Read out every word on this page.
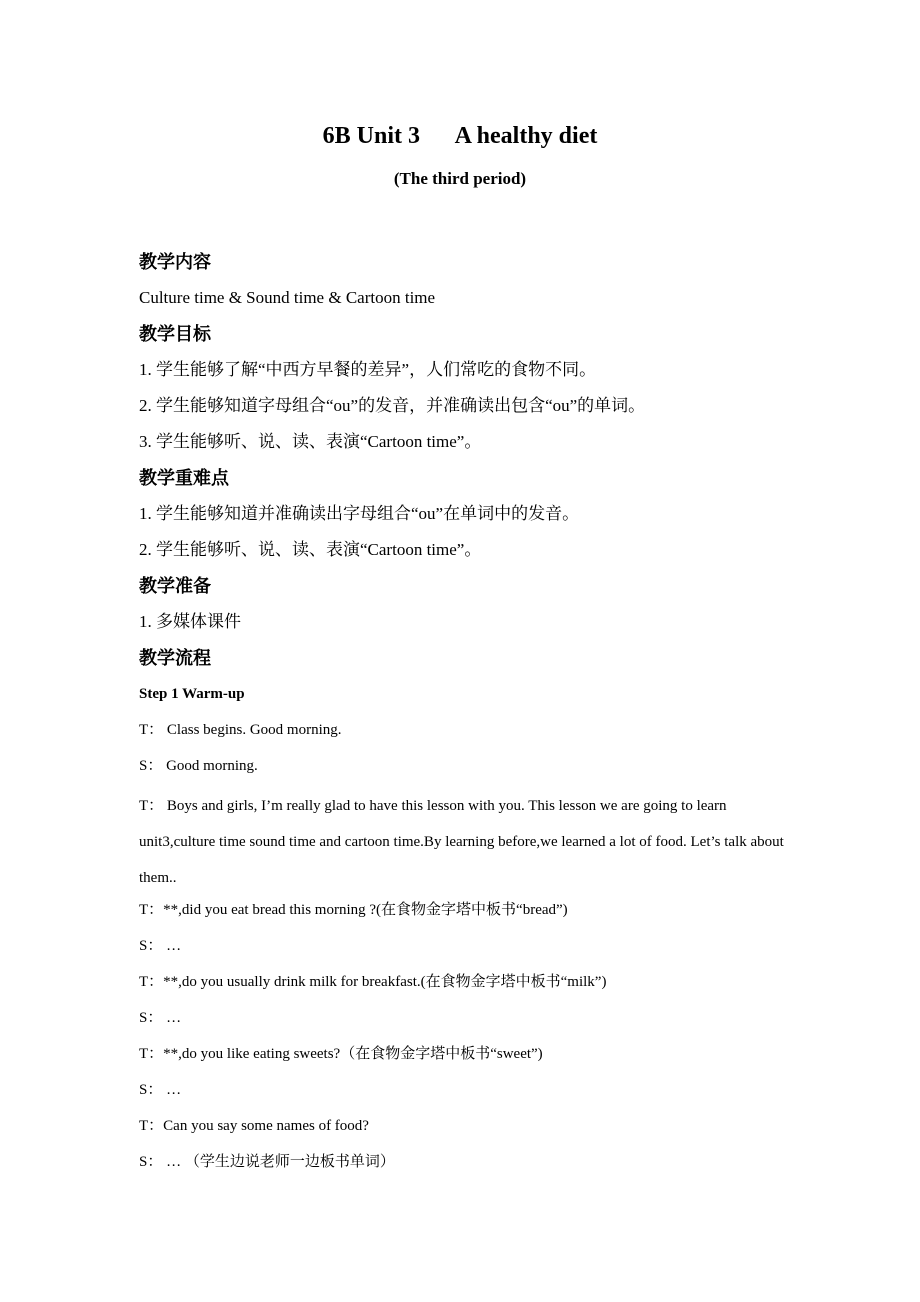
6B Unit 3      A healthy diet
(The third period)
教学内容
Culture time & Sound time & Cartoon time
教学目标
1. 学生能够了解“中西方早餐的差异”，人们常吃的食物不同。
2. 学生能够知道字母组合“ou”的发音，并准确读出包含“ou”的单词。
3. 学生能够听、说、读、表演“Cartoon time”。
教学重难点
1. 学生能够知道并准确读出字母组合“ou”在单词中的发音。
2. 学生能够听、说、读、表演“Cartoon time”。
教学准备
1. 多媒体课件
教学流程
Step 1 Warm-up
T： Class begins. Good morning.
S： Good morning.
T： Boys and girls, I’m really glad to have this lesson with you. This lesson we are going to learn unit3,culture time sound time and cartoon time.By learning before,we learned a lot of food. Let’s talk about them..
T：**,did you eat bread this morning ?(在食物金字塔中板书“bread”)
S： …
T：**,do you usually drink milk for breakfast.(在食物金字塔中板书“milk”)
S： …
T：**,do you like eating sweets?（在食物金字塔中板书“sweet”)
S： …
T：Can you say some names of food?
S： … （学生边说老师一边板书单词）
